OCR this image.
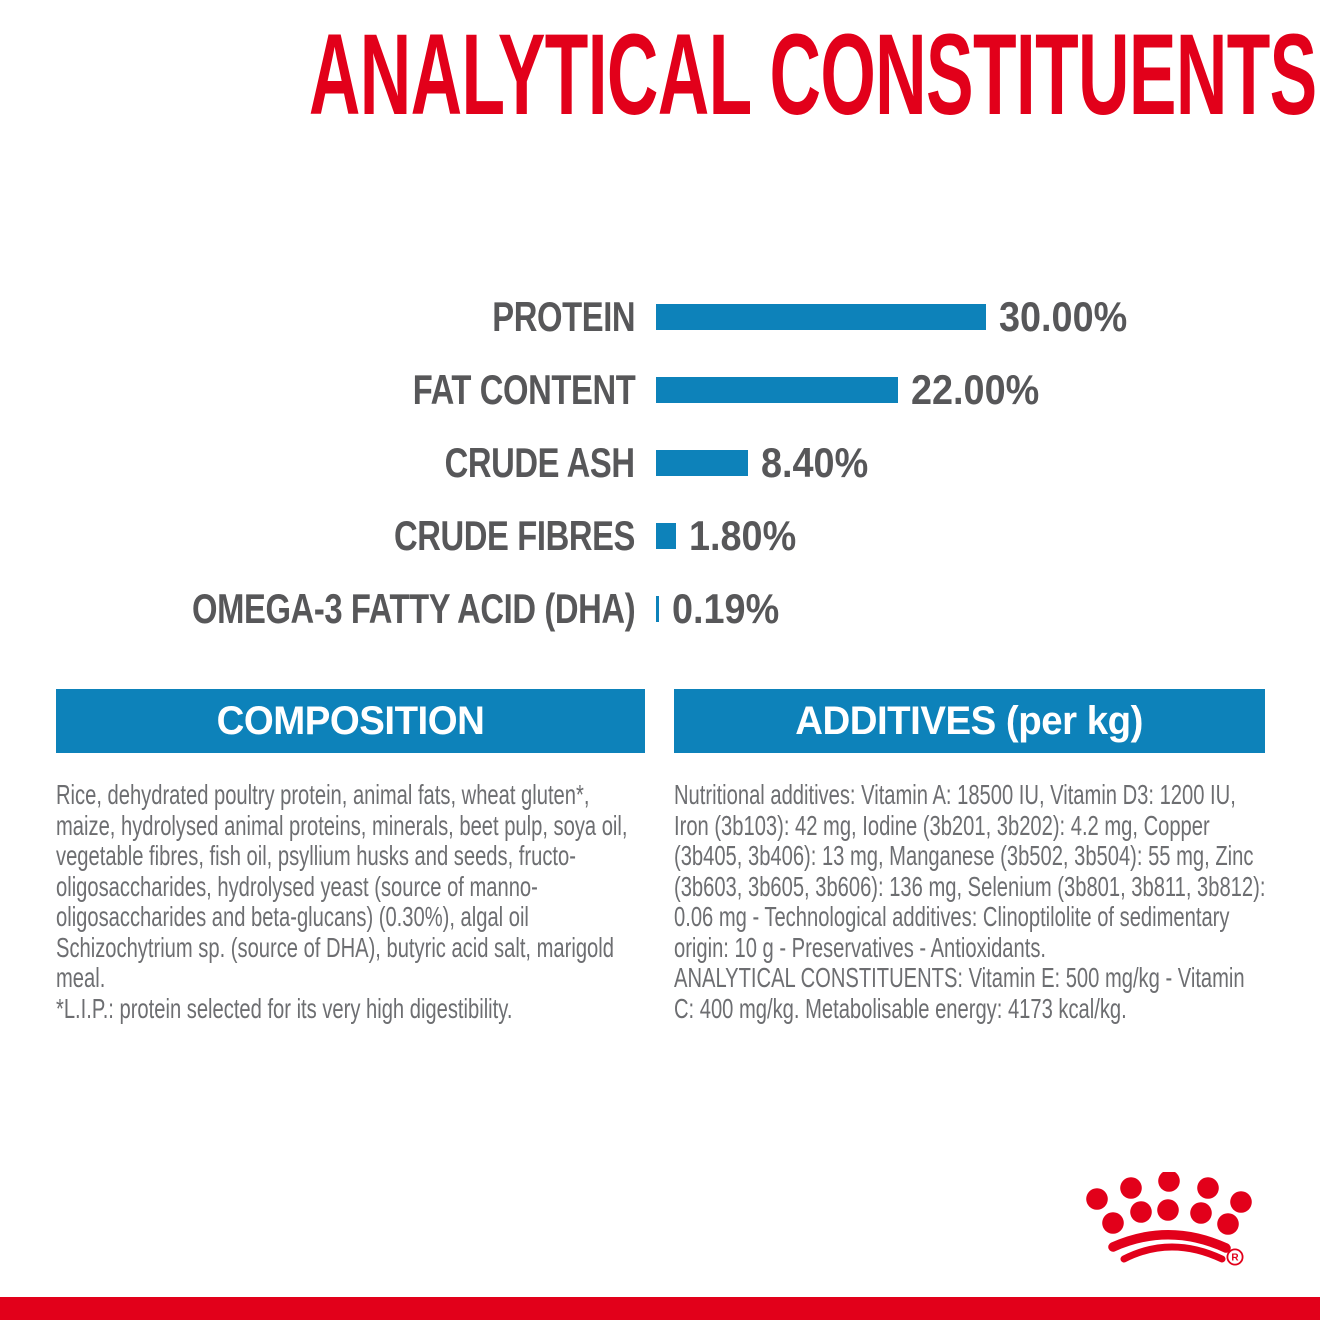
ANALYTICAL CONSTITUENTS
PROTEIN	30.00%
FAT CONTENT	22.00%
CRUDE ASH	8.40%
CRUDE FIBRES	1.80%
OMEGA-3 FATTY ACID (DHA) 0.19%
COMPOSITION
Rice, dehydrated poultry protein, animal fats, wheat gluten*, maize, hydrolysed animal proteins, minerals, beet pulp, soya oil, vegetable fibres, fish oil, psyllium husks and seeds, fructo-oligosaccharides, hydrolysed yeast (source of manno-oligosaccharides and beta-glucans) (0.30%), algal oil Schizochytrium sp. (source of DHA), butyric acid salt, marigold meal.
*L.I.P.: protein selected for its very high digestibility.
ADDITIVES (per kg)
Nutritional additives: Vitamin A: 18500 IU, Vitamin D3: 1200 IU, Iron (3b103): 42 mg, Iodine (3b201, 3b202): 4.2 mg, Copper (3b405, 3b406): 13 mg, Manganese (3b502, 3b504): 55 mg, Zinc (3b603, 3b605, 3b606): 136 mg, Selenium (3b801, 3b811, 3b812): 0.06 mg - Technological additives: Clinoptilolite of sedimentary origin: 10 g - Preservatives - Antioxidants.
ANALYTICAL CONSTITUENTS: Vitamin E: 500 mg/kg - Vitamin C: 400 mg/kg. Metabolisable energy: 4173 kcal/kg.
R
